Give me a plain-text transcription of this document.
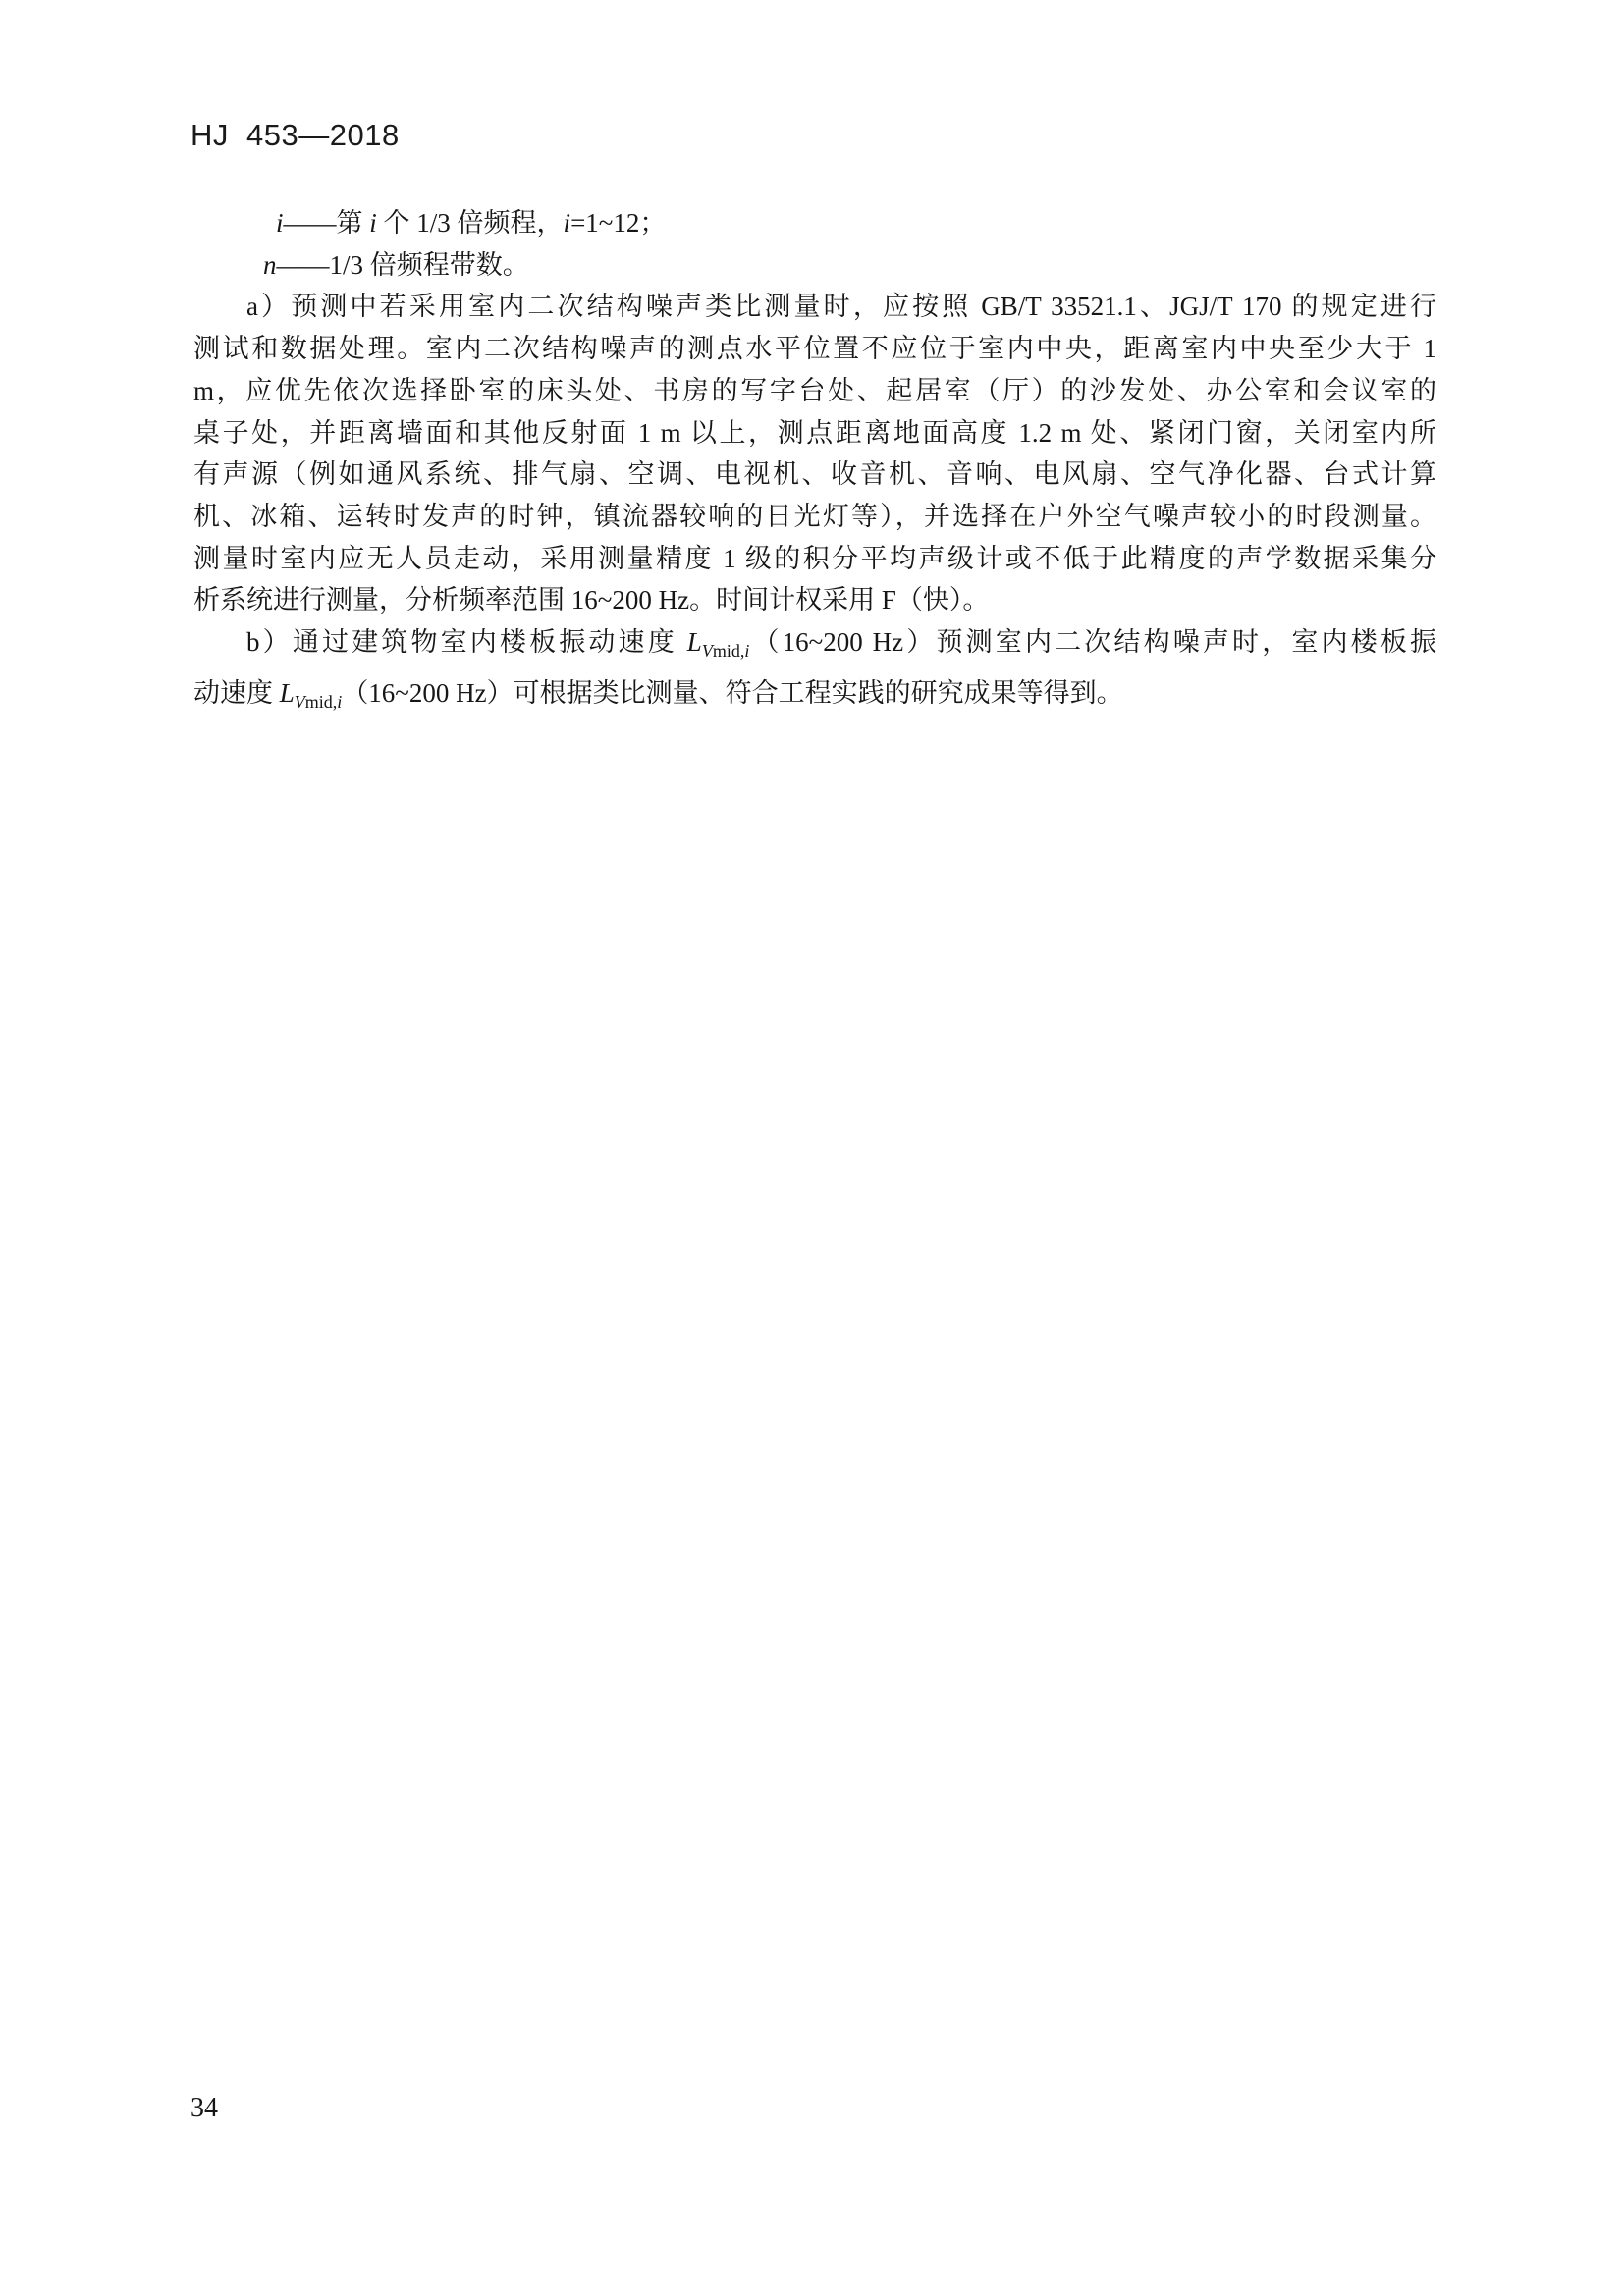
HJ 453—2018
i——第 i 个 1/3 倍频程，i=1~12；
n——1/3 倍频程带数。
a）预测中若采用室内二次结构噪声类比测量时，应按照 GB/T 33521.1、JGJ/T 170 的规定进行
测试和数据处理。室内二次结构噪声的测点水平位置不应位于室内中央，距离室内中央至少大于 1
m，应优先依次选择卧室的床头处、书房的写字台处、起居室（厅）的沙发处、办公室和会议室的
桌子处，并距离墙面和其他反射面 1 m 以上，测点距离地面高度 1.2 m 处、紧闭门窗，关闭室内所
有声源（例如通风系统、排气扇、空调、电视机、收音机、音响、电风扇、空气净化器、台式计算
机、冰箱、运转时发声的时钟，镇流器较响的日光灯等），并选择在户外空气噪声较小的时段测量。
测量时室内应无人员走动，采用测量精度 1 级的积分平均声级计或不低于此精度的声学数据采集分
析系统进行测量，分析频率范围 16~200 Hz。时间计权采用 F（快）。
b）通过建筑物室内楼板振动速度 $L_{Vmid,i}(16\sim 200$ Hz）预测室内二次结构噪声时，室内楼板振
动速度 $L_{Vmid,i}(16\sim 200$ Hz）可根据类比测量、符合工程实践的研究成果等得到。
34
